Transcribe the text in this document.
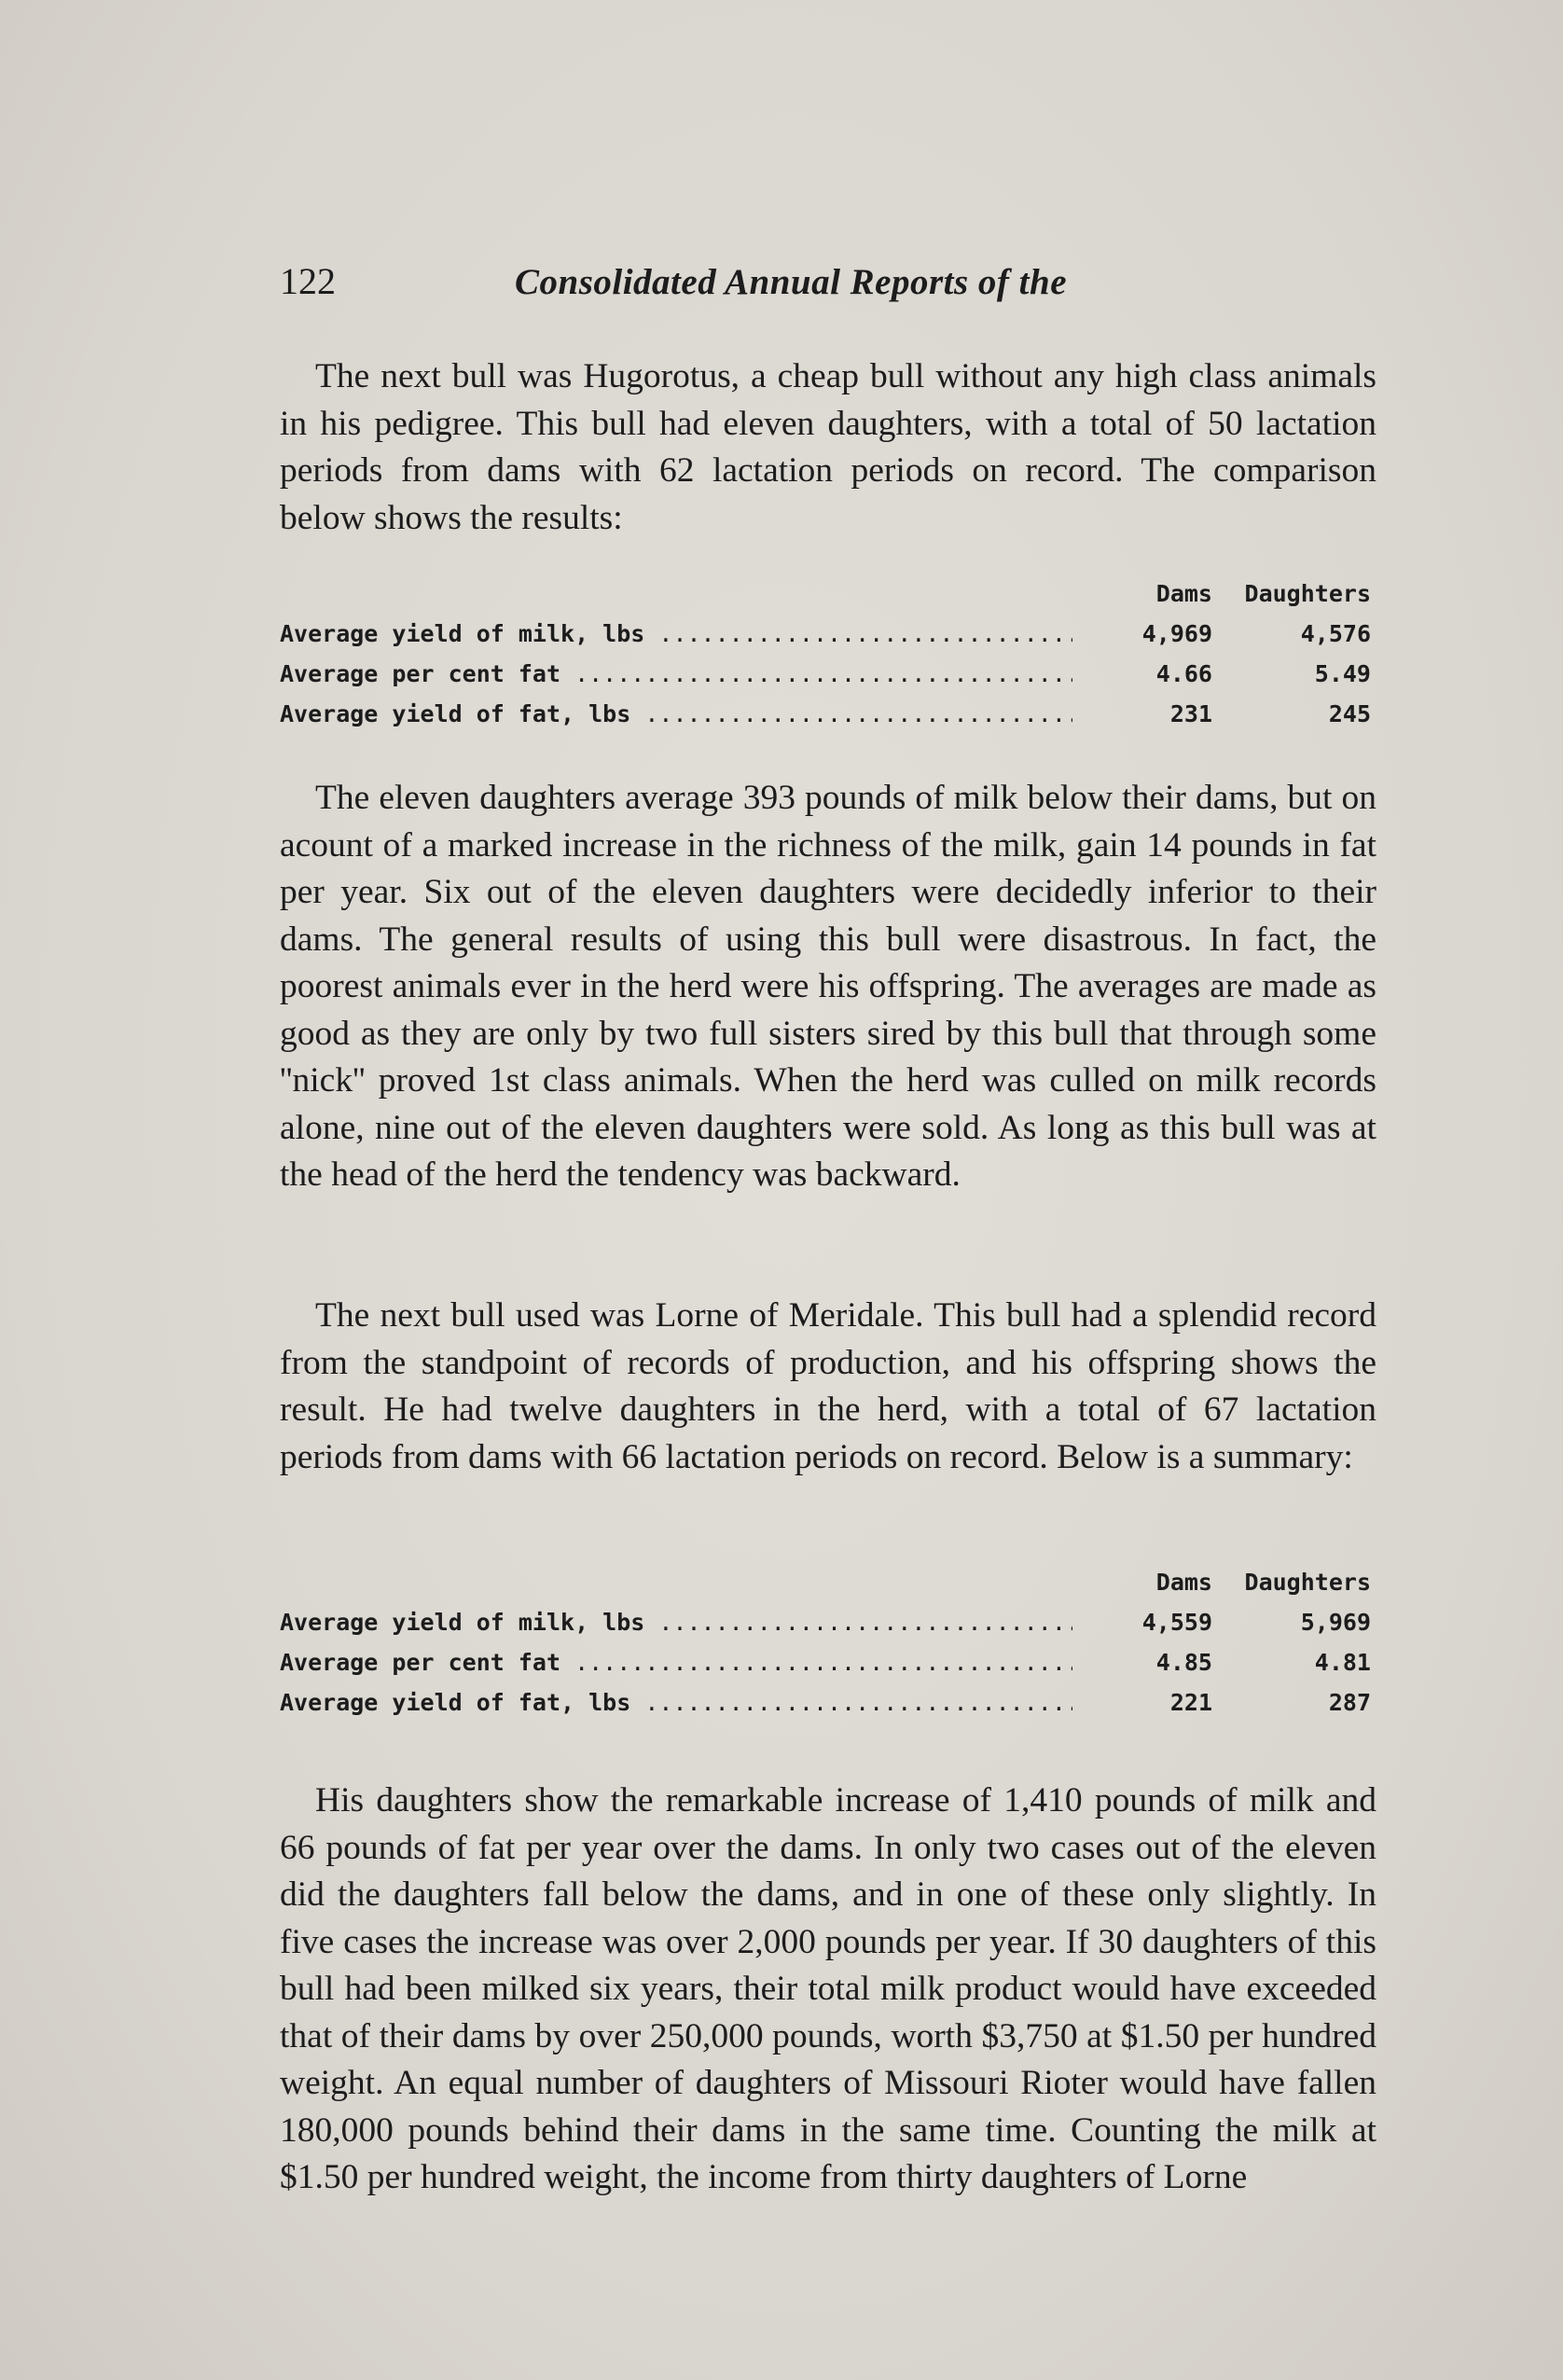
122	Consolidated Annual Reports of the

The next bull was Hugorotus, a cheap bull without any high class animals in his pedigree. This bull had eleven daughters, with a total of 50 lactation periods from dams with 62 lactation periods on record. The comparison below shows the results:

Dams	Daughters
Average yield of milk, lbs .....	4,969	4,576
Average per cent fat .....	4.66	5.49
Average yield of fat, lbs .....	231	245

The eleven daughters average 393 pounds of milk below their dams, but on acount of a marked increase in the richness of the milk, gain 14 pounds in fat per year. Six out of the eleven daughters were decidedly inferior to their dams. The general results of using this bull were disastrous. In fact, the poorest animals ever in the herd were his offspring. The averages are made as good as they are only by two full sisters sired by this bull that through some ''nick'' proved 1st class animals. When the herd was culled on milk records alone, nine out of the eleven daughters were sold. As long as this bull was at the head of the herd the tendency was backward.

The next bull used was Lorne of Meridale. This bull had a splendid record from the standpoint of records of production, and his offspring shows the result. He had twelve daughters in the herd, with a total of 67 lactation periods from dams with 66 lactation periods on record. Below is a summary:

Dams	Daughters
Average yield of milk, lbs .....	4,559	5,969
Average per cent fat .....	4.85	4.81
Average yield of fat, lbs .....	221	287

His daughters show the remarkable increase of 1,410 pounds of milk and 66 pounds of fat per year over the dams. In only two cases out of the eleven did the daughters fall below the dams, and in one of these only slightly. In five cases the increase was over 2,000 pounds per year. If 30 daughters of this bull had been milked six years, their total milk product would have exceeded that of their dams by over 250,000 pounds, worth $3,750 at $1.50 per hundred weight. An equal number of daughters of Missouri Rioter would have fallen 180,000 pounds behind their dams in the same time. Counting the milk at $1.50 per hundred weight, the income from thirty daughters of Lorne
